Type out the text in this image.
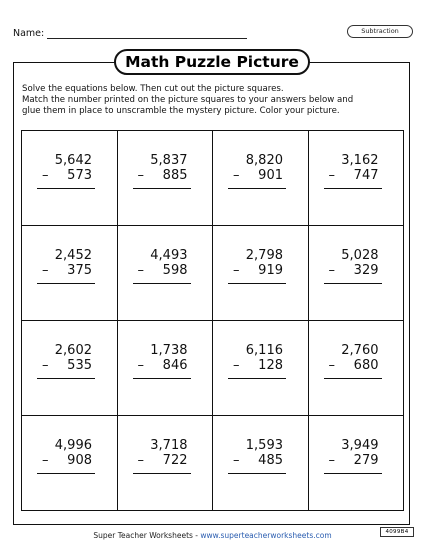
Name:	Subtraction
Math Puzzle Picture
Solve the equations below. Then cut out the picture squares.
Match the number printed on the picture squares to your answers below and
glue them in place to unscramble the mystery picture. Color your picture.
5,642
– 573
5,837
– 885
8,820
– 901
3,162
– 747
2,452
– 375
4,493
– 598
2,798
– 919
5,028
– 329
2,602
– 535
1,738
– 846
6,116
– 128
2,760
– 680
4,996
– 908
3,718
– 722
1,593
– 485
3,949
– 279
Super Teacher Worksheets - www.superteacherworksheets.com	4099B4
